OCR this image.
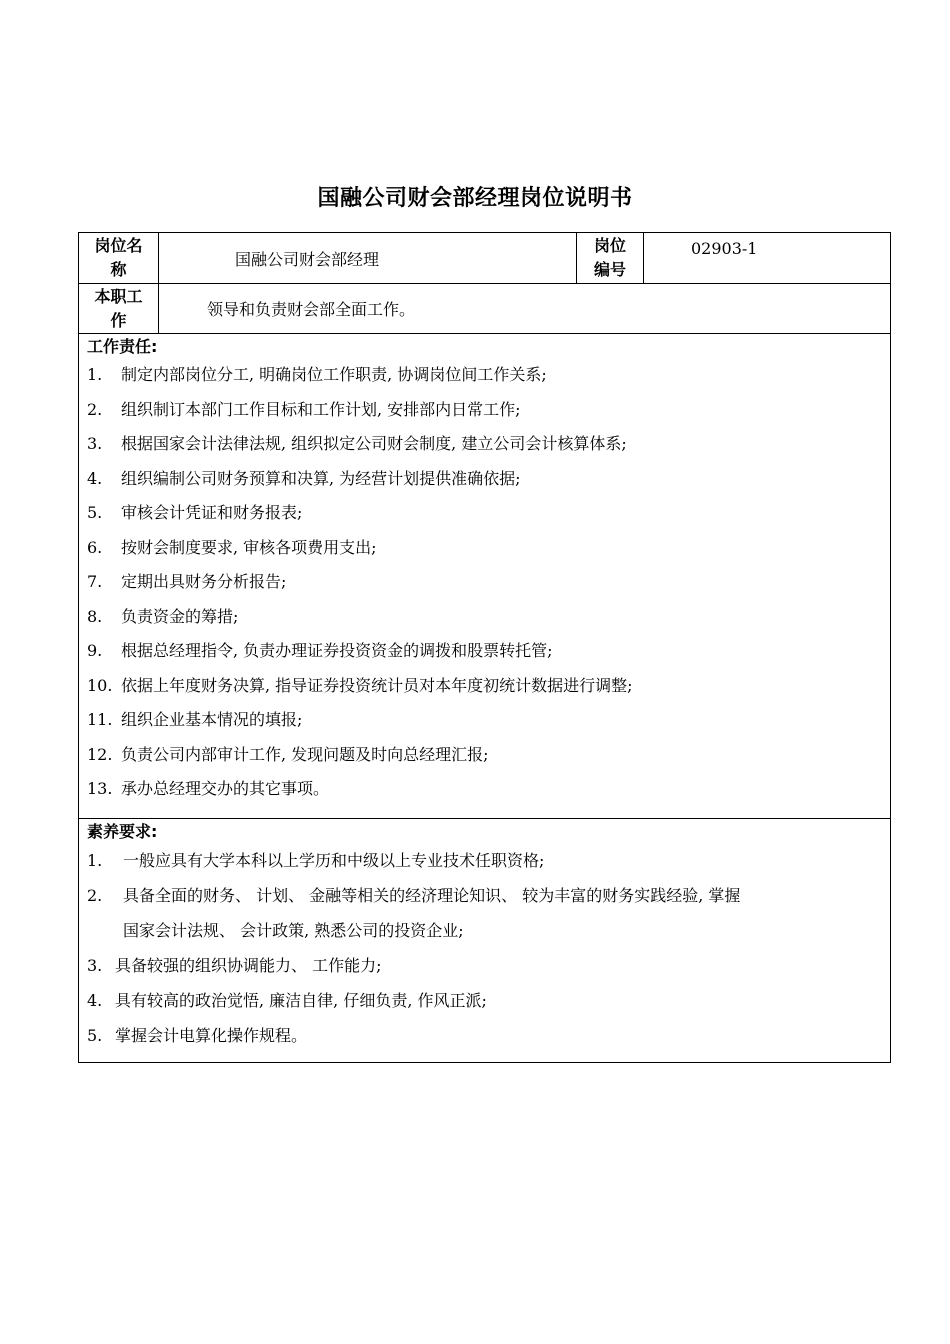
国融公司财会部经理岗位说明书
岗位名
称
国融公司财会部经理
岗位
编号
02903-1
本职工
作
领导和负责财会部全面工作。
工作责任:
1. 制定内部岗位分工, 明确岗位工作职责, 协调岗位间工作关系;
2. 组织制订本部门工作目标和工作计划, 安排部内日常工作;
3. 根据国家会计法律法规, 组织拟定公司财会制度, 建立公司会计核算体系;
4. 组织编制公司财务预算和决算, 为经营计划提供准确依据;
5. 审核会计凭证和财务报表;
6. 按财会制度要求, 审核各项费用支出;
7. 定期出具财务分析报告;
8. 负责资金的筹措;
9. 根据总经理指令, 负责办理证券投资资金的调拨和股票转托管;
10. 依据上年度财务决算, 指导证券投资统计员对本年度初统计数据进行调整;
11. 组织企业基本情况的填报;
12. 负责公司内部审计工作, 发现问题及时向总经理汇报;
13. 承办总经理交办的其它事项。
素养要求:
1. 一般应具有大学本科以上学历和中级以上专业技术任职资格;
2. 具备全面的财务、 计划、 金融等相关的经济理论知识、 较为丰富的财务实践经验, 掌握
国家会计法规、 会计政策, 熟悉公司的投资企业;
3. 具备较强的组织协调能力、 工作能力;
4. 具有较高的政治觉悟, 廉洁自律, 仔细负责, 作风正派;
5. 掌握会计电算化操作规程。
